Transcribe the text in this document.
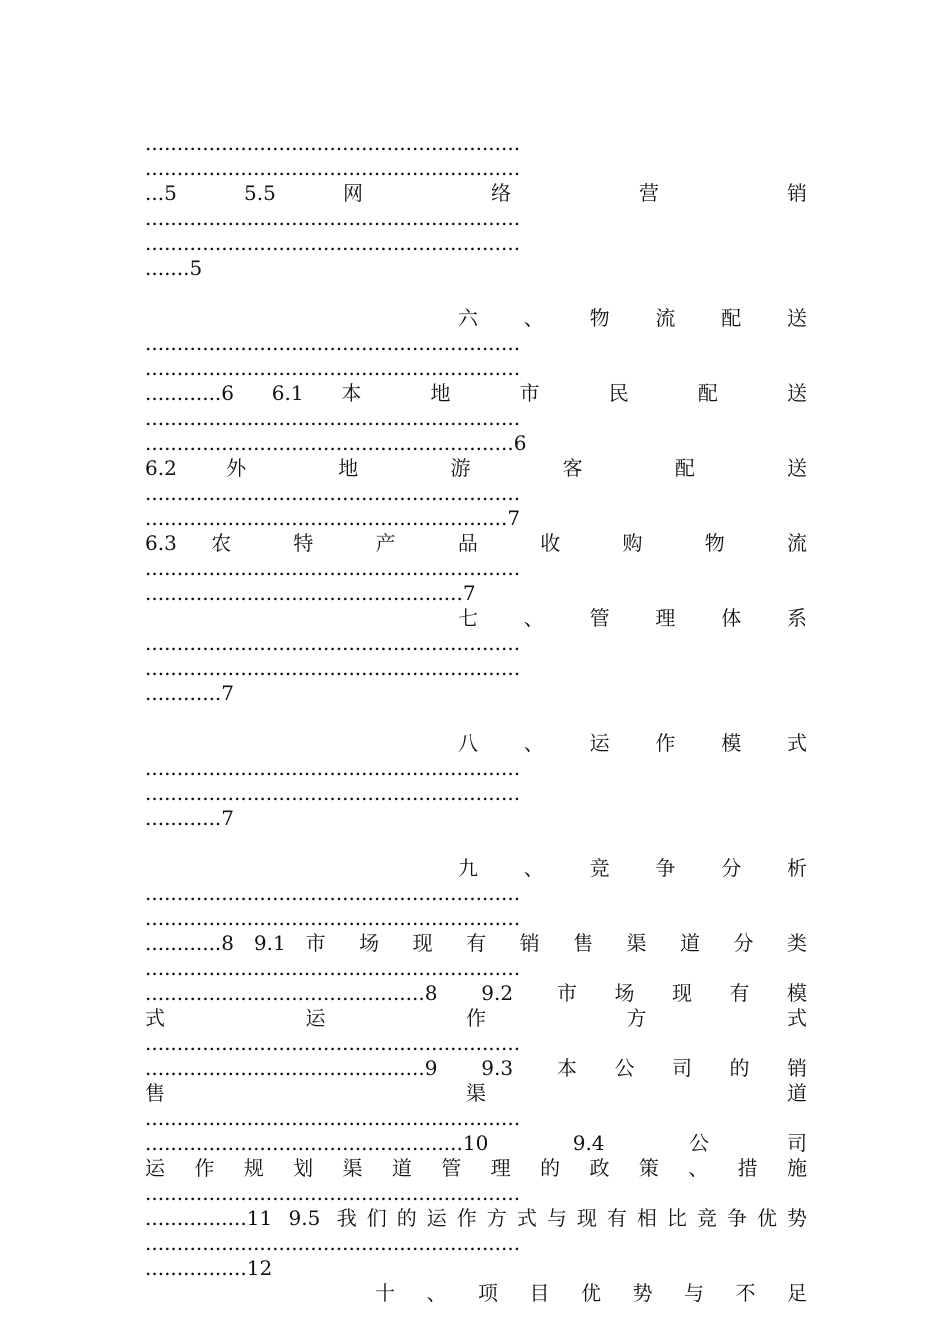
...........................................................
...........................................................
...5 5.5 网 络 营 销
...........................................................
...........................................................
.......5
六 、 物 流 配 送
...........................................................
...........................................................
............6 6.1 本 地 市 民 配 送
...........................................................
..........................................................6
6.2 外 地 游 客 配 送
...........................................................
.........................................................7
6.3 农 特 产 品 收 购 物 流
...........................................................
..................................................7
七 、 管 理 体 系
...........................................................
...........................................................
............7
八 、 运 作 模 式
...........................................................
...........................................................
............7
九 、 竞 争 分 析
...........................................................
...........................................................
............8 9.1 市 场 现 有 销 售 渠 道 分 类
...........................................................
............................................8 9.2 市场现有模
式 运 作 方 式
...........................................................
............................................9 9.3 本公司的销
售 渠 道
...........................................................
..................................................10 9.4 公司
运 作 规 划 渠 道 管 理 的 政 策 、 措 施
...........................................................
................11 9.5 我们的运作方式与现有相比竞争优势
...........................................................
................12
十 、 项 目 优 势 与 不 足
